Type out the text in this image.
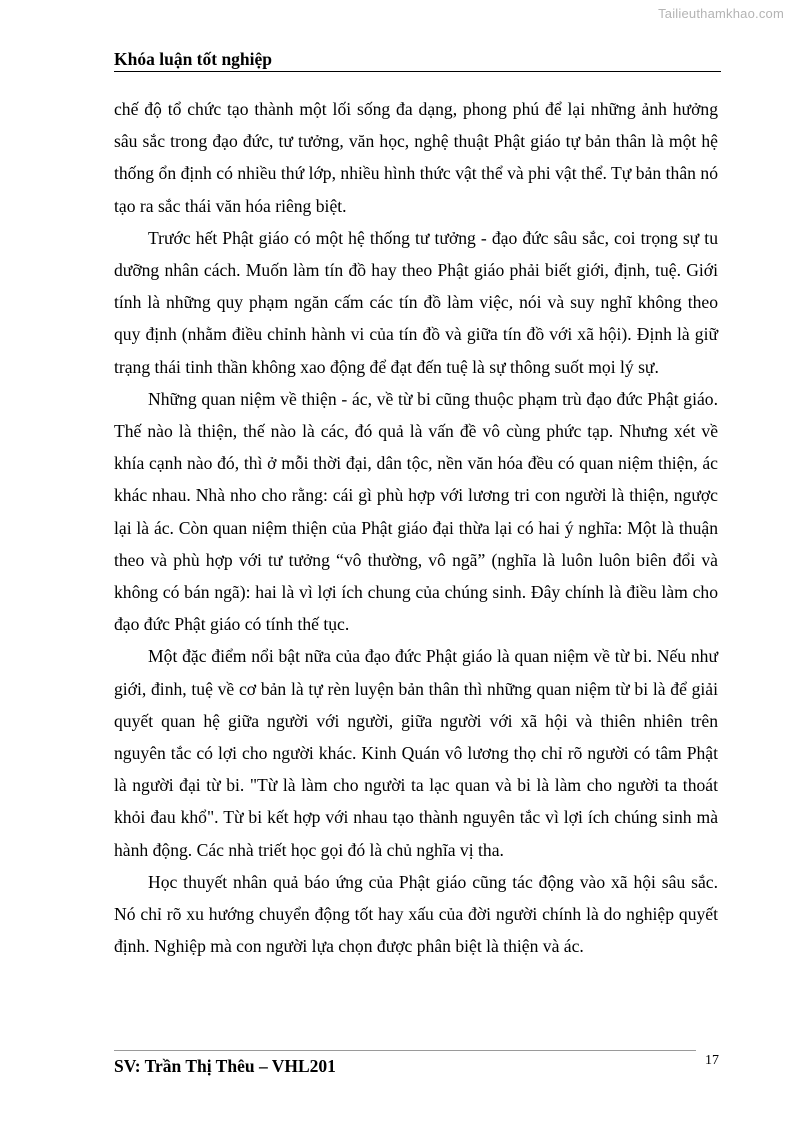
Tailieuthamkhao.com
Khóa luận tốt nghiệp

chế độ tổ chức tạo thành một lối sống đa dạng, phong phú để lại những ảnh hưởng sâu sắc trong đạo đức, tư tưởng, văn học, nghệ thuật Phật giáo tự bản thân là một hệ thống ổn định có nhiều thứ lớp, nhiều hình thức vật thể và phi vật thể. Tự bản thân nó tạo ra sắc thái văn hóa riêng biệt.

Trước hết Phật giáo có một hệ thống tư tưởng - đạo đức sâu sắc, coi trọng sự tu dưỡng nhân cách. Muốn làm tín đồ hay theo Phật giáo phải biết giới, định, tuệ. Giới tính là những quy phạm ngăn cấm các tín đồ làm việc, nói và suy nghĩ không theo quy định (nhằm điều chỉnh hành vi của tín đồ và giữa tín đồ với xã hội). Định là giữ trạng thái tinh thần không xao động để đạt đến tuệ là sự thông suốt mọi lý sự.

Những quan niệm về thiện - ác, về từ bi cũng thuộc phạm trù đạo đức Phật giáo. Thế nào là thiện, thế nào là các, đó quả là vấn đề vô cùng phức tạp. Nhưng xét về khía cạnh nào đó, thì ở mỗi thời đại, dân tộc, nền văn hóa đều có quan niệm thiện, ác khác nhau. Nhà nho cho rằng: cái gì phù hợp với lương tri con người là thiện, ngược lại là ác. Còn quan niệm thiện của Phật giáo đại thừa lại có hai ý nghĩa: Một là thuận theo và phù hợp với tư tưởng “vô thường, vô ngã” (nghĩa là luôn luôn biên đổi và không có bán ngã): hai là vì lợi ích chung của chúng sinh. Đây chính là điều làm cho đạo đức Phật giáo có tính thế tục.

Một đặc điểm nổi bật nữa của đạo đức Phật giáo là quan niệm về từ bi. Nếu như giới, đinh, tuệ về cơ bản là tự rèn luyện bản thân thì những quan niệm từ bi là để giải quyết quan hệ giữa người với người, giữa người với xã hội và thiên nhiên trên nguyên tắc có lợi cho người khác. Kinh Quán vô lương thọ chỉ rõ người có tâm Phật là người đại từ bi. "Từ là làm cho người ta lạc quan và bi là làm cho người ta thoát khỏi đau khổ". Từ bi kết hợp với nhau tạo thành nguyên tắc vì lợi ích chúng sinh mà hành động. Các nhà triết học gọi đó là chủ nghĩa vị tha.

Học thuyết nhân quả báo ứng của Phật giáo cũng tác động vào xã hội sâu sắc. Nó chỉ rõ xu hướng chuyển động tốt hay xấu của đời người chính là do nghiệp quyết định. Nghiệp mà con người lựa chọn được phân biệt là thiện và ác.

SV: Trần Thị Thêu – VHL201	17
